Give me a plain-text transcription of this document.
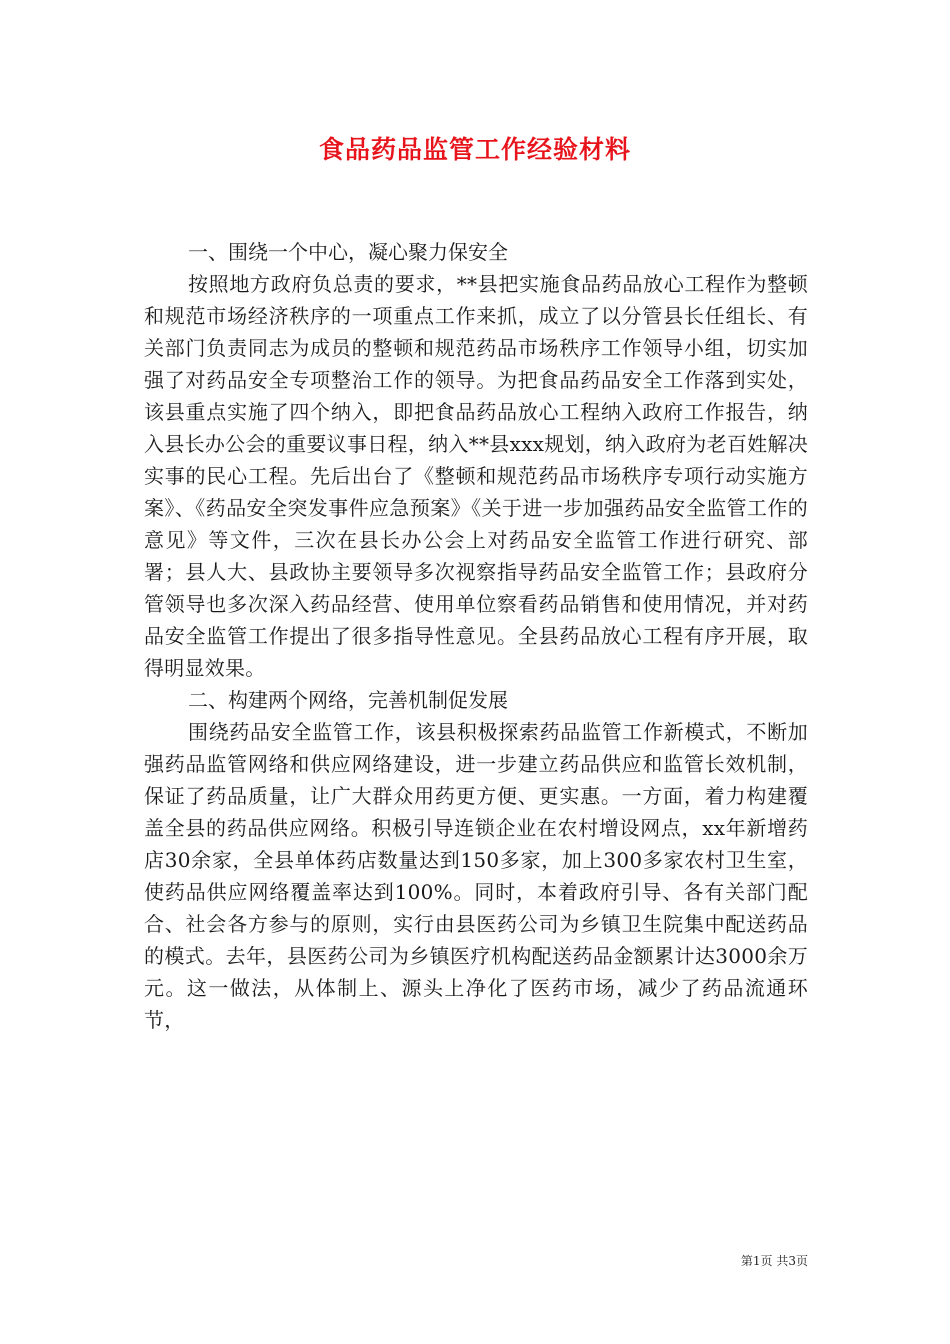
食品药品监管工作经验材料

一、围绕一个中心，凝心聚力保安全

按照地方政府负总责的要求，**县把实施食品药品放心工程作为整顿和规范市场经济秩序的一项重点工作来抓，成立了以分管县长任组长、有关部门负责同志为成员的整顿和规范药品市场秩序工作领导小组，切实加强了对药品安全专项整治工作的领导。为把食品药品安全工作落到实处，该县重点实施了四个纳入，即把食品药品放心工程纳入政府工作报告，纳入县长办公会的重要议事日程，纳入**县xxx规划，纳入政府为老百姓解决实事的民心工程。先后出台了《整顿和规范药品市场秩序专项行动实施方案》、《药品安全突发事件应急预案》《关于进一步加强药品安全监管工作的意见》等文件，三次在县长办公会上对药品安全监管工作进行研究、部署；县人大、县政协主要领导多次视察指导药品安全监管工作；县政府分管领导也多次深入药品经营、使用单位察看药品销售和使用情况，并对药品安全监管工作提出了很多指导性意见。全县药品放心工程有序开展，取得明显效果。

二、构建两个网络，完善机制促发展

围绕药品安全监管工作，该县积极探索药品监管工作新模式，不断加强药品监管网络和供应网络建设，进一步建立药品供应和监管长效机制，保证了药品质量，让广大群众用药更方便、更实惠。一方面，着力构建覆盖全县的药品供应网络。积极引导连锁企业在农村增设网点，xx年新增药店30余家，全县单体药店数量达到150多家，加上300多家农村卫生室，使药品供应网络覆盖率达到100%。同时，本着政府引导、各有关部门配合、社会各方参与的原则，实行由县医药公司为乡镇卫生院集中配送药品的模式。去年，县医药公司为乡镇医疗机构配送药品金额累计达3000余万元。这一做法，从体制上、源头上净化了医药市场，减少了药品流通环节，

第1页 共3页
